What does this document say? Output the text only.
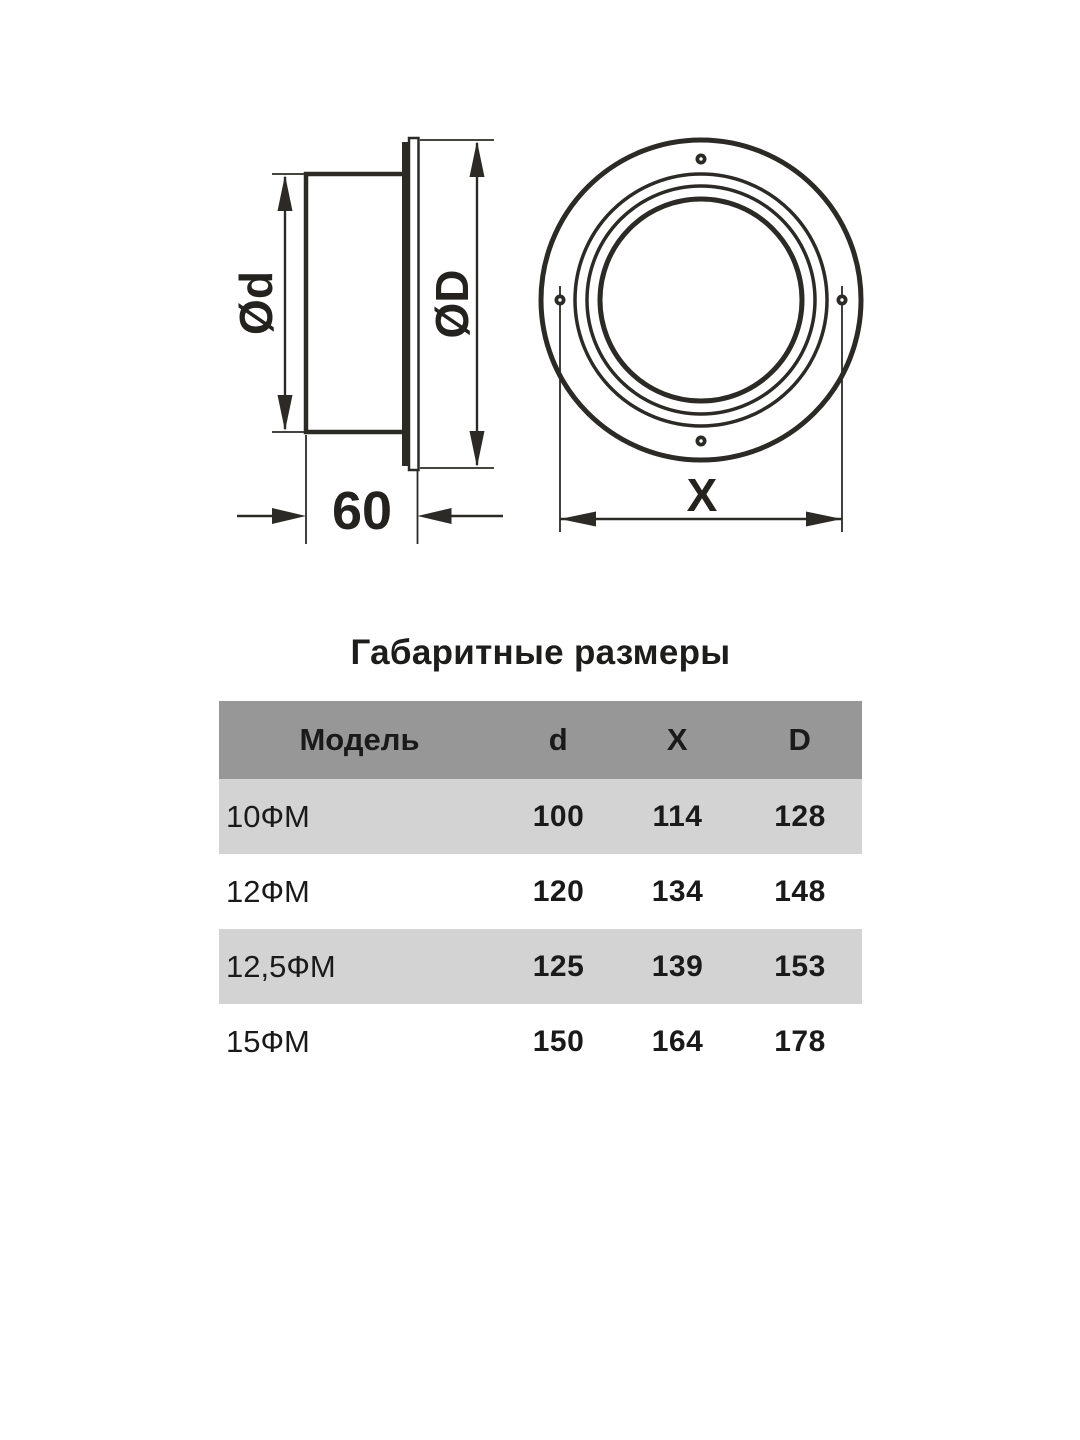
Ød	ØD
60	X
Габаритные размеры
Модель	d	X	D
10ФМ	100	114	128
12ФМ	120	134	148
12,5ФМ	125	139	153
15ФМ	150	164	178
